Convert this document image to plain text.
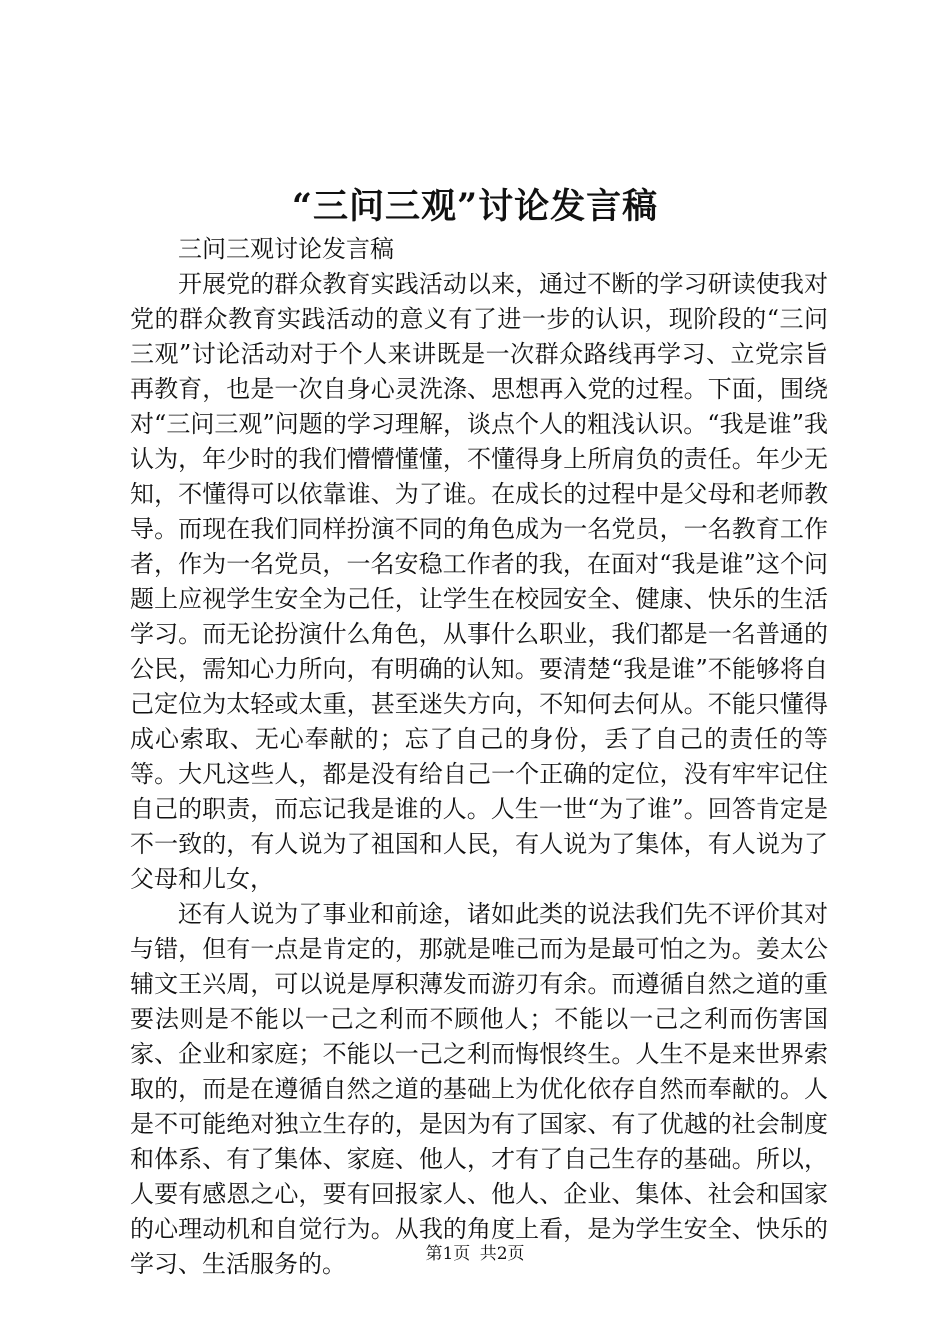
“三问三观”讨论发言稿

三问三观讨论发言稿

开展党的群众教育实践活动以来，通过不断的学习研读使我对党的群众教育实践活动的意义有了进一步的认识，现阶段的“三问三观”讨论活动对于个人来讲既是一次群众路线再学习、立党宗旨再教育，也是一次自身心灵洗涤、思想再入党的过程。下面，围绕对“三问三观”问题的学习理解，谈点个人的粗浅认识。“我是谁”我认为，年少时的我们懵懵懂懂，不懂得身上所肩负的责任。年少无知，不懂得可以依靠谁、为了谁。在成长的过程中是父母和老师教导。而现在我们同样扮演不同的角色成为一名党员，一名教育工作者，作为一名党员，一名安稳工作者的我，在面对“我是谁”这个问题上应视学生安全为己任，让学生在校园安全、健康、快乐的生活学习。而无论扮演什么角色，从事什么职业，我们都是一名普通的公民，需知心力所向，有明确的认知。要清楚“我是谁”不能够将自己定位为太轻或太重，甚至迷失方向，不知何去何从。不能只懂得成心索取、无心奉献的；忘了自己的身份，丢了自己的责任的等等。大凡这些人，都是没有给自己一个正确的定位，没有牢牢记住自己的职责，而忘记我是谁的人。人生一世“为了谁”。回答肯定是不一致的，有人说为了祖国和人民，有人说为了集体，有人说为了父母和儿女，

还有人说为了事业和前途，诸如此类的说法我们先不评价其对与错，但有一点是肯定的，那就是唯己而为是最可怕之为。姜太公辅文王兴周，可以说是厚积薄发而游刃有余。而遵循自然之道的重要法则是不能以一己之利而不顾他人；不能以一己之利而伤害国家、企业和家庭；不能以一己之利而悔恨终生。人生不是来世界索取的，而是在遵循自然之道的基础上为优化依存自然而奉献的。人是不可能绝对独立生存的，是因为有了国家、有了优越的社会制度和体系、有了集体、家庭、他人，才有了自己生存的基础。所以，人要有感恩之心，要有回报家人、他人、企业、集体、社会和国家的心理动机和自觉行为。从我的角度上看，是为学生安全、快乐的学习、生活服务的。	第1页 共2页
